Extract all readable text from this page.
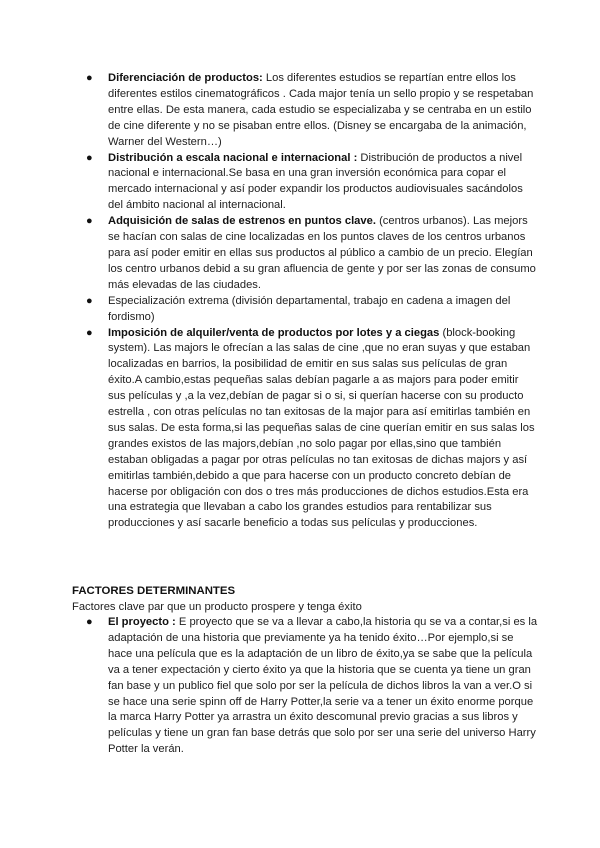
● Diferenciación de productos: Los diferentes estudios se repartían entre ellos los diferentes estilos cinematográficos . Cada major tenía un sello propio y se respetaban entre ellas. De esta manera, cada estudio se especializaba y se centraba en un estilo de cine diferente y no se pisaban entre ellos. (Disney se encargaba de la animación, Warner del Western…)
● Distribución a escala nacional e internacional : Distribución de productos a nivel nacional e internacional.Se basa en una gran inversión económica para copar el mercado internacional y así poder expandir los productos audiovisuales sacándolos del ámbito nacional al internacional.
● Adquisición de salas de estrenos en puntos clave. (centros urbanos). Las mejors se hacían con salas de cine localizadas en los puntos claves de los centros urbanos para así poder emitir en ellas sus productos al público a cambio de un precio. Elegían los centro urbanos debid a su gran afluencia de gente y por ser las zonas de consumo más elevadas de las ciudades.
● Especialización extrema (división departamental, trabajo en cadena a imagen del fordismo)
● Imposición de alquiler/venta de productos por lotes y a ciegas (block-booking system). Las majors le ofrecían a las salas de cine ,que no eran suyas y que estaban localizadas en barrios, la posibilidad de emitir en sus salas sus películas de gran éxito.A cambio,estas pequeñas salas debían pagarle a as majors para poder emitir sus películas y ,a la vez,debían de pagar si o si, si querían hacerse con su producto estrella , con otras películas no tan exitosas de la major para así emitirlas también en sus salas. De esta forma,si las pequeñas salas de cine querían emitir en sus salas los grandes existos de las majors,debían ,no solo pagar por ellas,sino que también estaban obligadas a pagar por otras películas no tan exitosas de dichas majors y así emitirlas también,debido a que para hacerse con un producto concreto debían de hacerse por obligación con dos o tres más producciones de dichos estudios.Esta era una estrategia que llevaban a cabo los grandes estudios para rentabilizar sus producciones y así sacarle beneficio a todas sus películas y producciones.
FACTORES DETERMINANTES

Factores clave par que un producto prospere y tenga éxito

● El proyecto : E proyecto que se va a llevar a cabo,la historia qu se va a contar,si es la adaptación de una historia que previamente ya ha tenido éxito…Por ejemplo,si se hace una película que es la adaptación de un libro de éxito,ya se sabe que la película va a tener expectación y cierto éxito ya que la historia que se cuenta ya tiene un gran fan base y un publico fiel que solo por ser la película de dichos libros la van a ver.O si se hace una serie spinn off de Harry Potter,la serie va a tener un éxito enorme porque la marca Harry Potter ya arrastra un éxito descomunal previo gracias a sus libros y películas y tiene un gran fan base detrás que solo por ser una serie del universo Harry Potter la verán.
